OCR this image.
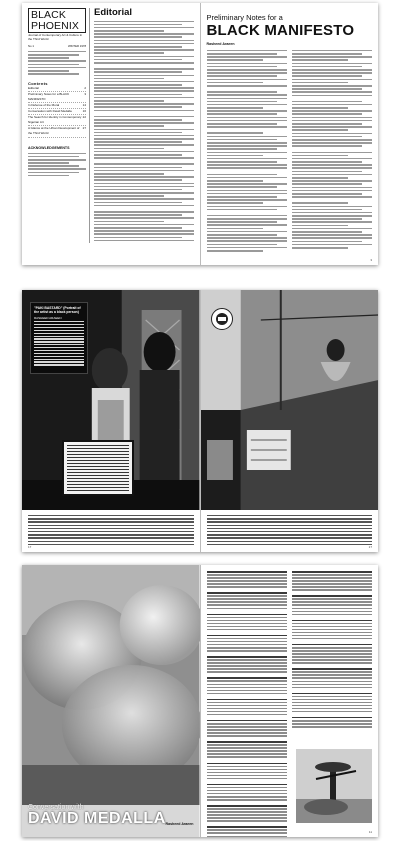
BLACK PHOENIX
Journal of Contemporary Art & Culture in the Third World
No 1	WINTER 1978
Contents
Editorial	2
Preliminary Notes for a BLACK MANIFESTO
3
In Defense of the Mural	14
Conversation with David Medalla	16
The Search for Identity in Contemporary Nigerian Art
22
A Glance at the Urban Development of the Third World
27
ACKNOWLEDGEMENTS
Editorial	Preliminary Notes for a
BLACK MANIFESTO
Rasheed Araeen
3
"PAKI BASTARD" (Portrait of the artist as a black person)
RASHEED ARAEEN
17	17
Conversation with
DAVID MEDALLA Rasheed Araeen
11
